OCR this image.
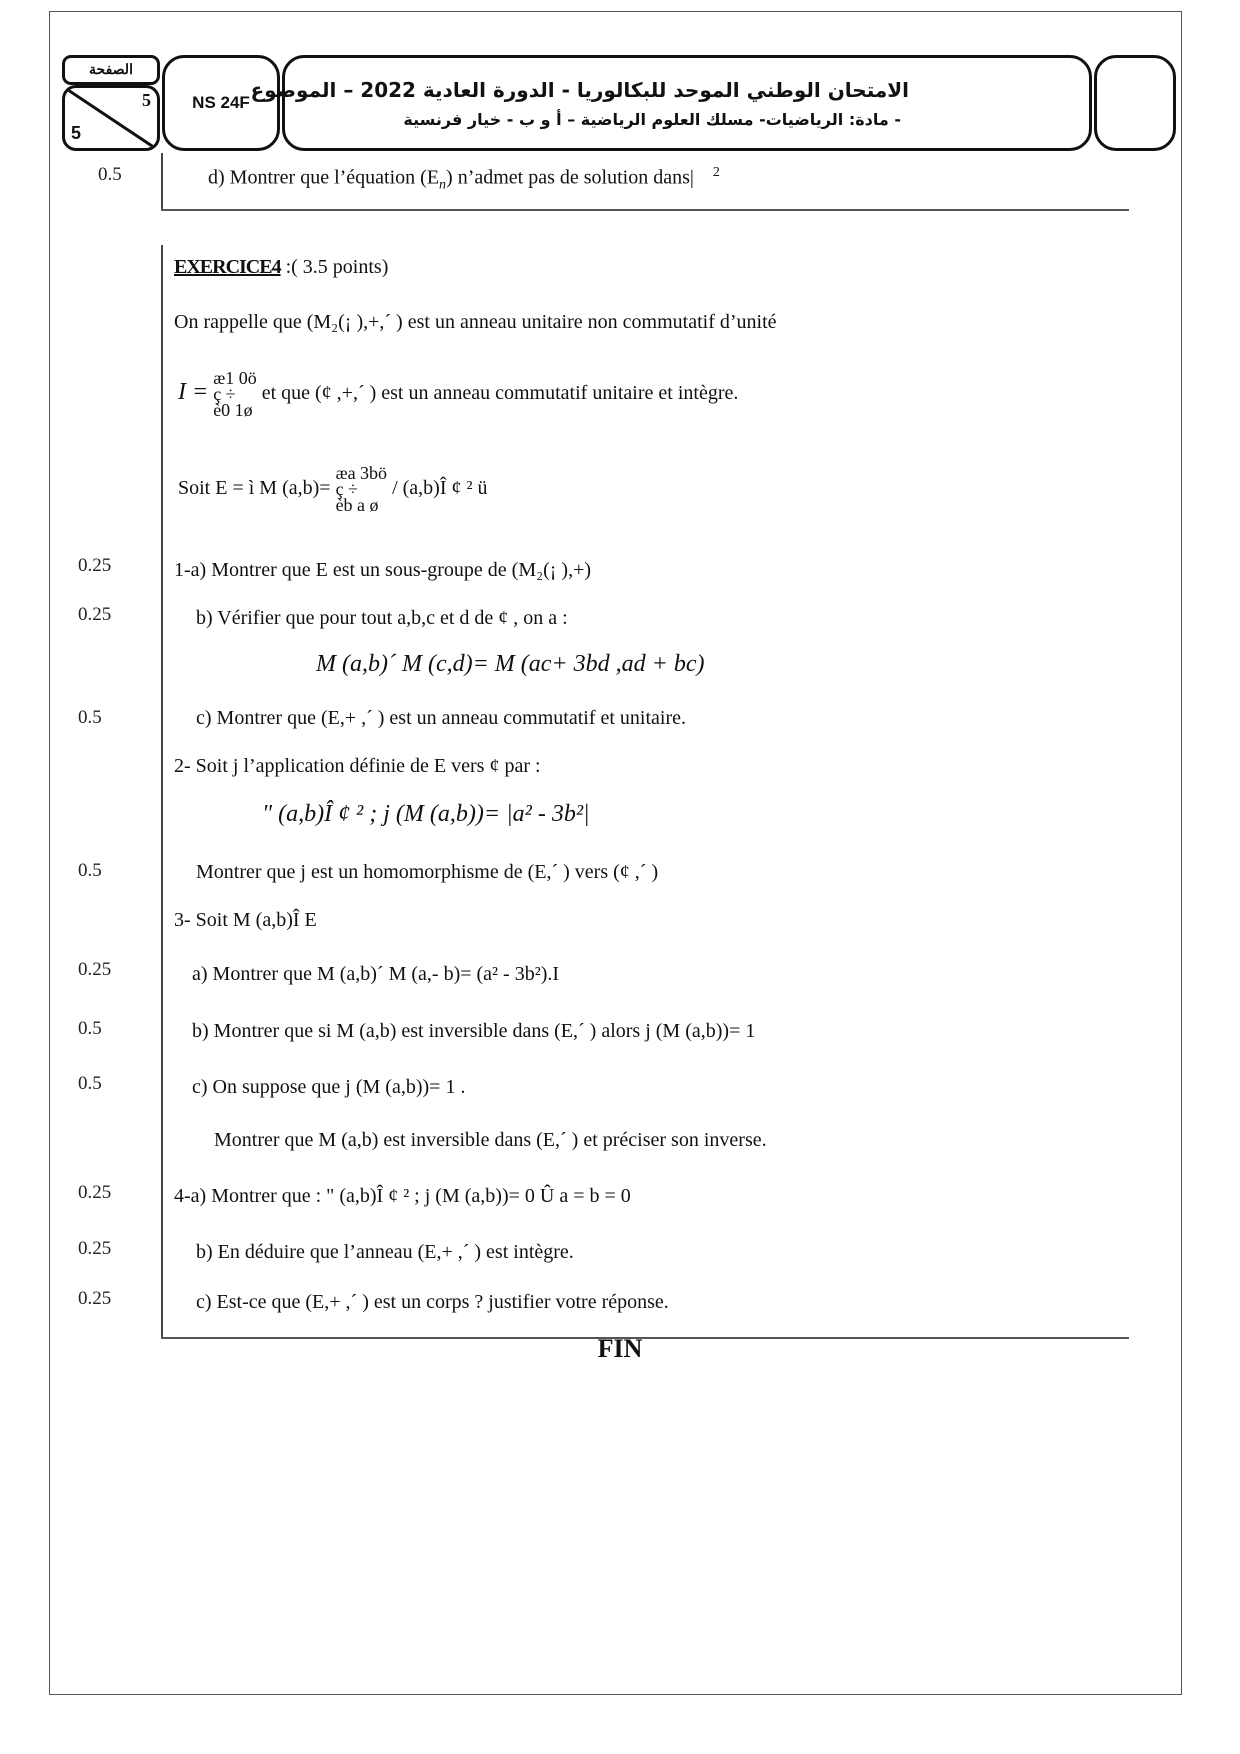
الصفحة
5
5
NS 24F
الامتحان الوطني الموحد للبكالوريا - الدورة العادية 2022 – الموضوع
- مادة: الرياضيات- مسلك العلوم الرياضية – أ و ب - خيار فرنسية
0.5	d) Montrer que l’équation $(E_n)$ n’admet pas de solution dans| $^2$
EXERCICE4 :( 3.5 points)
On rappelle que (M₂(¡ ),+,´ ) est un anneau unitaire non commutatif d’unité
I =
æ1 0ö
ç ÷
è0 1ø
et que (¢ ,+,´ ) est un anneau commutatif unitaire et intègre.
Soit E = ì M (a,b)=
æa 3bö
ç ÷
èb a ø
/ (a,b)Î ¢ ² ü
0.25	1-a) Montrer que E est un sous-groupe de (M₂(¡ ),+)
0.25	b) Vérifier que pour tout a,b,c et d de ¢ , on a :
M (a,b)´ M (c,d)= M (ac+ 3bd ,ad + bc)
0.5	c) Montrer que (E,+ ,´ ) est un anneau commutatif et unitaire.
2- Soit j l’application définie de E vers ¢ par :
" (a,b)Î ¢ ² ; j (M (a,b))= |a² - 3b²|
0.5	Montrer que j est un homomorphisme de (E,´ ) vers (¢ ,´ )
3- Soit M (a,b)Î E
0.25	a) Montrer que M (a,b)´ M (a,- b)= (a² - 3b²).I
0.5	b) Montrer que si M (a,b) est inversible dans (E,´ ) alors j (M (a,b))= 1
0.5	c) On suppose que j (M (a,b))= 1 .
Montrer que M (a,b) est inversible dans (E,´ ) et préciser son inverse.
0.25	4-a) Montrer que : " (a,b)Î ¢ ² ; j (M (a,b))= 0 Û a = b = 0
0.25	b) En déduire que l’anneau (E,+ ,´ ) est intègre.
0.25	c) Est-ce que (E,+ ,´ ) est un corps ? justifier votre réponse.
FIN
